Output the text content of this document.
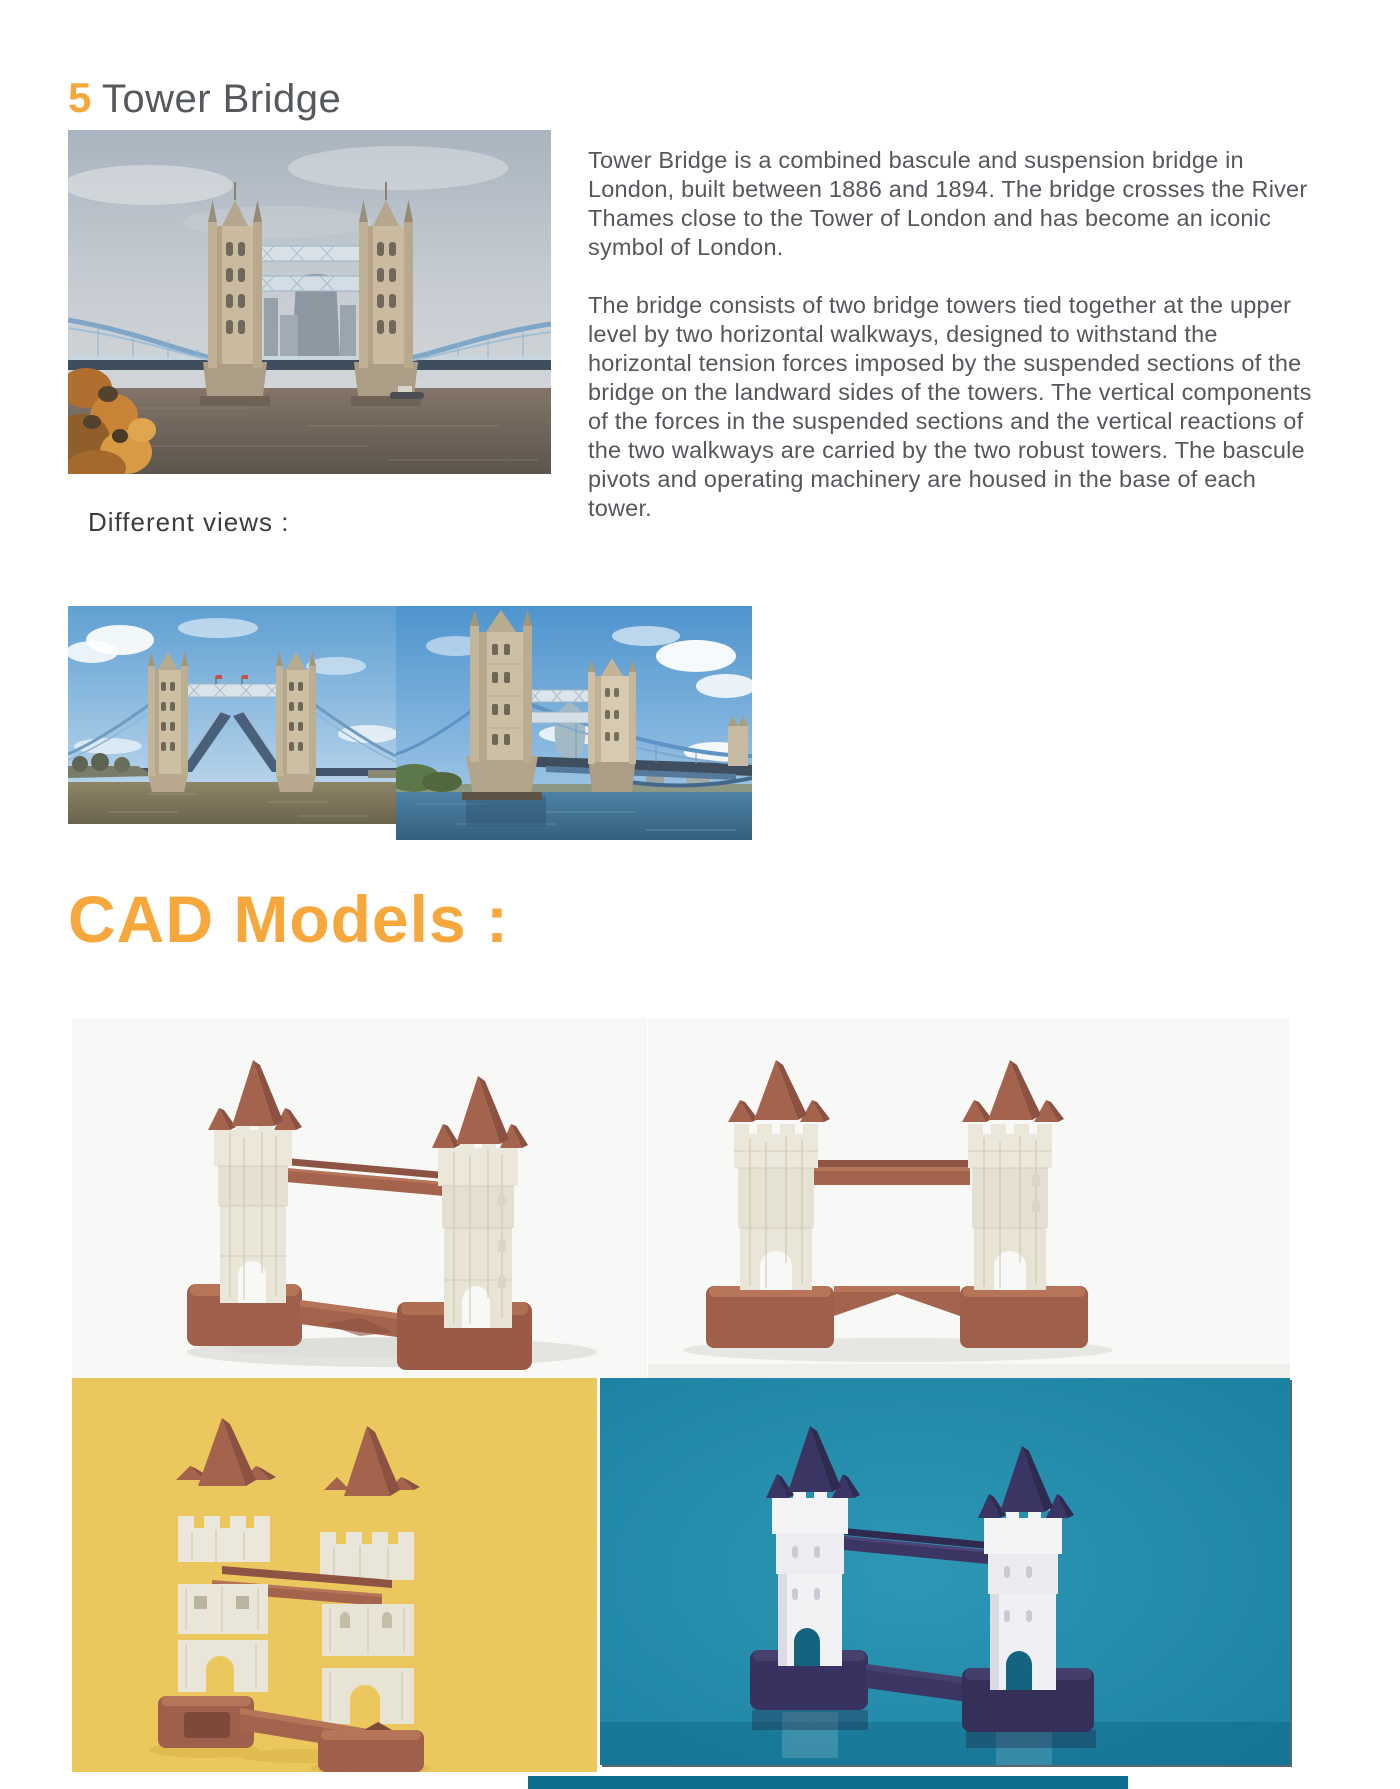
5 Tower Bridge

Tower Bridge is a combined bascule and suspension bridge in London, built between 1886 and 1894. The bridge crosses the River Thames close to the Tower of London and has become an iconic symbol of London.

The bridge consists of two bridge towers tied together at the upper level by two horizontal walkways, designed to withstand the horizontal tension forces imposed by the suspended sections of the bridge on the landward sides of the towers. The vertical components of the forces in the suspended sections and the vertical reactions of the two walkways are carried by the two robust towers. The bascule pivots and operating machinery are housed in the base of each tower.

Different views :
CAD Models :
